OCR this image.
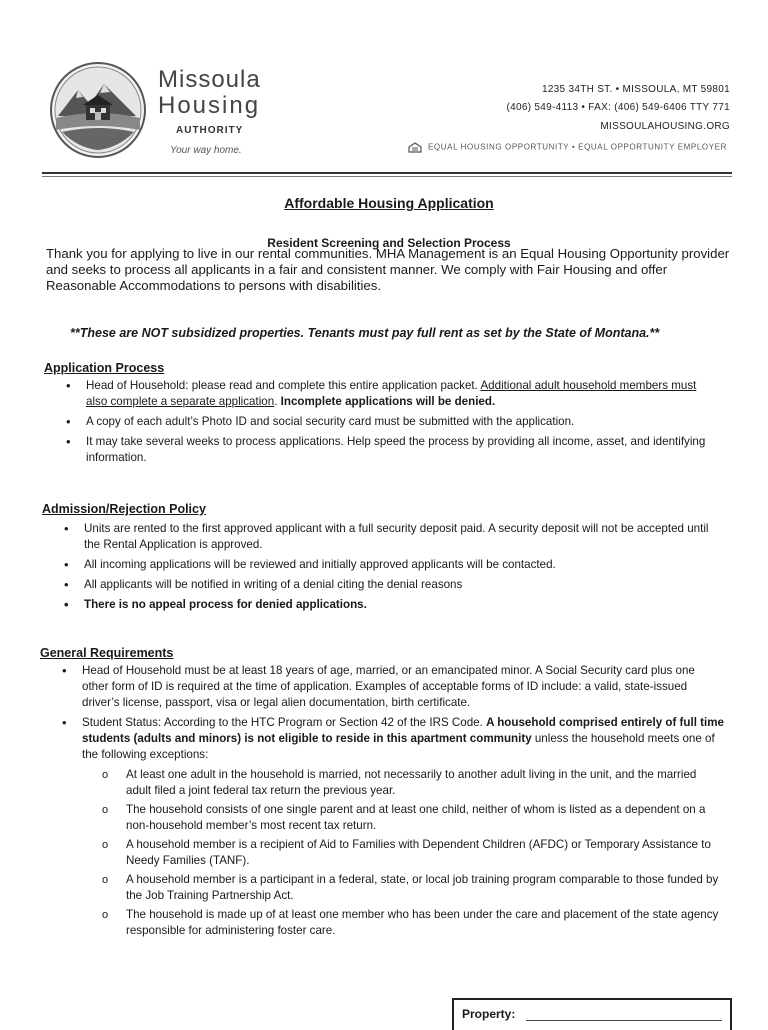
Missoula
Housing
AUTHORITY
Your way home.
1235 34TH ST. • MISSOULA, MT 59801
(406) 549-4113 • FAX: (406) 549-6406 TTY 771
MISSOULAHOUSING.ORG
EQUAL HOUSING OPPORTUNITY • EQUAL OPPORTUNITY EMPLOYER
Affordable Housing Application
Resident Screening and Selection Process
Thank you for applying to live in our rental communities. MHA Management is an Equal Housing Opportunity provider and seeks to process all applicants in a fair and consistent manner. We comply with Fair Housing and offer Reasonable Accommodations to persons with disabilities.
**These are NOT subsidized properties. Tenants must pay full rent as set by the State of Montana.**
Application Process
• Head of Household: please read and complete this entire application packet. Additional adult household members must also complete a separate application. Incomplete applications will be denied.
• A copy of each adult’s Photo ID and social security card must be submitted with the application.
• It may take several weeks to process applications. Help speed the process by providing all income, asset, and identifying information.
Admission/Rejection Policy
• Units are rented to the first approved applicant with a full security deposit paid. A security deposit will not be accepted until the Rental Application is approved.
• All incoming applications will be reviewed and initially approved applicants will be contacted.
• All applicants will be notified in writing of a denial citing the denial reasons
• There is no appeal process for denied applications.
General Requirements
• Head of Household must be at least 18 years of age, married, or an emancipated minor. A Social Security card plus one other form of ID is required at the time of application. Examples of acceptable forms of ID include: a valid, state-issued driver’s license, passport, visa or legal alien documentation, birth certificate.
• Student Status: According to the HTC Program or Section 42 of the IRS Code. A household comprised entirely of full time students (adults and minors) is not eligible to reside in this apartment community unless the household meets one of the following exceptions:
o At least one adult in the household is married, not necessarily to another adult living in the unit, and the married adult filed a joint federal tax return the previous year.
o The household consists of one single parent and at least one child, neither of whom is listed as a dependent on a non-household member’s most recent tax return.
o A household member is a recipient of Aid to Families with Dependent Children (AFDC) or Temporary Assistance to Needy Families (TANF).
o A household member is a participant in a federal, state, or local job training program comparable to those funded by the Job Training Partnership Act.
o The household is made up of at least one member who has been under the care and placement of the state agency responsible for administering foster care.
Property:
